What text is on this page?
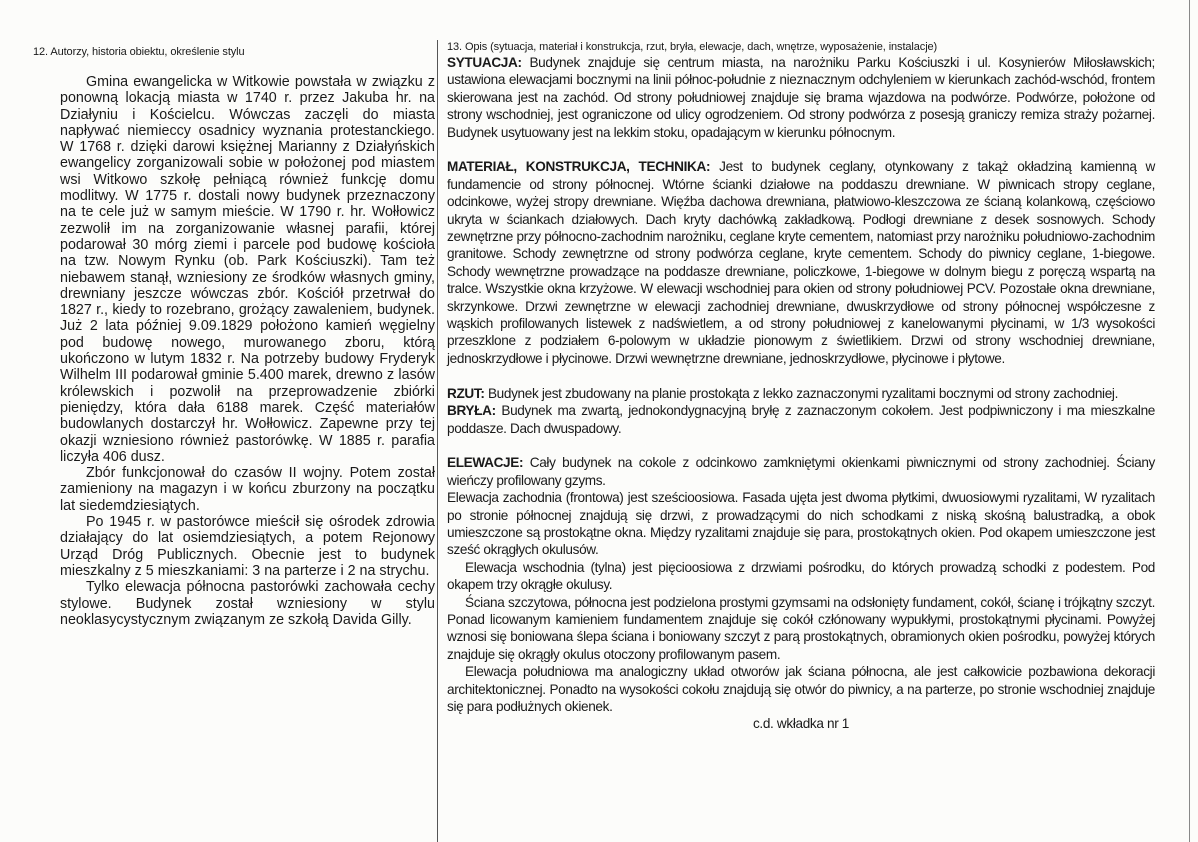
12. Autorzy, historia obiektu, określenie stylu	13. Opis (sytuacja, materiał i konstrukcja, rzut, bryła, elewacje, dach, wnętrze, wyposażenie, instalacje)

Gmina ewangelicka w Witkowie powstała w związku z ponowną lokacją miasta w 1740 r. przez Jakuba hr. na Działyniu i Kościelcu. Wówczas zaczęli do miasta napływać niemieccy osadnicy wyznania protestanckiego. W 1768 r. dzięki darowi księżnej Marianny z Działyńskich ewangelicy zorganizowali sobie w położonej pod miastem wsi Witkowo szkołę pełniącą również funkcję domu modlitwy. W 1775 r. dostali nowy budynek przeznaczony na te cele już w samym mieście. W 1790 r. hr. Wołłowicz zezwolił im na zorganizowanie własnej parafii, której podarował 30 mórg ziemi i parcele pod budowę kościoła na tzw. Nowym Rynku (ob. Park Kościuszki). Tam też niebawem stanął, wzniesiony ze środków własnych gminy, drewniany jeszcze wówczas zbór. Kościół przetrwał do 1827 r., kiedy to rozebrano, grożący zawaleniem, budynek. Już 2 lata później 9.09.1829 położono kamień węgielny pod budowę nowego, murowanego zboru, którą ukończono w lutym 1832 r. Na potrzeby budowy Fryderyk Wilhelm III podarował gminie 5.400 marek, drewno z lasów królewskich i pozwolił na przeprowadzenie zbiórki pieniędzy, która dała 6188 marek. Część materiałów budowlanych dostarczył hr. Wołłowicz. Zapewne przy tej okazji wzniesiono również pastorówkę. W 1885 r. parafia liczyła 406 dusz.

Zbór funkcjonował do czasów II wojny. Potem został zamieniony na magazyn i w końcu zburzony na początku lat siedemdziesiątych.

Po 1945 r. w pastorówce mieścił się ośrodek zdrowia działający do lat osiemdziesiątych, a potem Rejonowy Urząd Dróg Publicznych. Obecnie jest to budynek mieszkalny z 5 mieszkaniami: 3 na parterze i 2 na strychu.

Tylko elewacja północna pastorówki zachowała cechy stylowe. Budynek został wzniesiony w stylu neoklasycystycznym związanym ze szkołą Davida Gilly.

SYTUACJA: Budynek znajduje się centrum miasta, na narożniku Parku Kościuszki i ul. Kosynierów Miłosławskich; ustawiona elewacjami bocznymi na linii północ-południe z nieznacznym odchyleniem w kierunkach zachód-wschód, frontem skierowana jest na zachód. Od strony południowej znajduje się brama wjazdowa na podwórze. Podwórze, położone od strony wschodniej, jest ograniczone od ulicy ogrodzeniem. Od strony podwórza z posesją graniczy remiza straży pożarnej. Budynek usytuowany jest na lekkim stoku, opadającym w kierunku północnym.

MATERIAŁ, KONSTRUKCJA, TECHNIKA: Jest to budynek ceglany, otynkowany z takąż okładziną kamienną w fundamencie od strony północnej. Wtórne ścianki działowe na poddaszu drewniane. W piwnicach stropy ceglane, odcinkowe, wyżej stropy drewniane. Więźba dachowa drewniana, płatwiowo-kleszczowa ze ścianą kolankową, częściowo ukryta w ściankach działowych. Dach kryty dachówką zakładkową. Podłogi drewniane z desek sosnowych. Schody zewnętrzne przy północno-zachodnim narożniku, ceglane kryte cementem, natomiast przy narożniku południowo-zachodnim granitowe. Schody zewnętrzne od strony podwórza ceglane, kryte cementem. Schody do piwnicy ceglane, 1-biegowe. Schody wewnętrzne prowadzące na poddasze drewniane, policzkowe, 1-biegowe w dolnym biegu z poręczą wspartą na tralce. Wszystkie okna krzyżowe. W elewacji wschodniej para okien od strony południowej PCV. Pozostałe okna drewniane, skrzynkowe. Drzwi zewnętrzne w elewacji zachodniej drewniane, dwuskrzydłowe od strony północnej współczesne z wąskich profilowanych listewek z nadświetlem, a od strony południowej z kanelowanymi płycinami, w 1/3 wysokości przeszklone z podziałem 6-polowym w układzie pionowym z świetlikiem. Drzwi od strony wschodniej drewniane, jednoskrzydłowe i płycinowe. Drzwi wewnętrzne drewniane, jednoskrzydłowe, płycinowe i płytowe.

RZUT: Budynek jest zbudowany na planie prostokąta z lekko zaznaczonymi ryzalitami bocznymi od strony zachodniej.

BRYŁA: Budynek ma zwartą, jednokondygnacyjną bryłę z zaznaczonym cokołem. Jest podpiwniczony i ma mieszkalne poddasze. Dach dwuspadowy.

ELEWACJE: Cały budynek na cokole z odcinkowo zamkniętymi okienkami piwnicznymi od strony zachodniej. Ściany wieńczy profilowany gzyms.

Elewacja zachodnia (frontowa) jest sześcioosiowa. Fasada ujęta jest dwoma płytkimi, dwuosiowymi ryzalitami, W ryzalitach po stronie północnej znajdują się drzwi, z prowadzącymi do nich schodkami z niską skośną balustradką, a obok umieszczone są prostokątne okna. Między ryzalitami znajduje się para, prostokątnych okien. Pod okapem umieszczone jest sześć okrągłych okulusów.

Elewacja wschodnia (tylna) jest pięcioosiowa z drzwiami pośrodku, do których prowadzą schodki z podestem. Pod okapem trzy okrągłe okulusy.

Ściana szczytowa, północna jest podzielona prostymi gzymsami na odsłonięty fundament, cokół, ścianę i trójkątny szczyt. Ponad licowanym kamieniem fundamentem znajduje się cokół człónowany wypukłymi, prostokątnymi płycinami. Powyżej wznosi się boniowana ślepa ściana i boniowany szczyt z parą prostokątnych, obramionych okien pośrodku, powyżej których znajduje się okrągły okulus otoczony profilowanym pasem.

Elewacja południowa ma analogiczny układ otworów jak ściana północna, ale jest całkowicie pozbawiona dekoracji architektonicznej. Ponadto na wysokości cokołu znajdują się otwór do piwnicy, a na parterze, po stronie wschodniej znajduje się para podłużnych okienek.

c.d. wkładka nr 1
